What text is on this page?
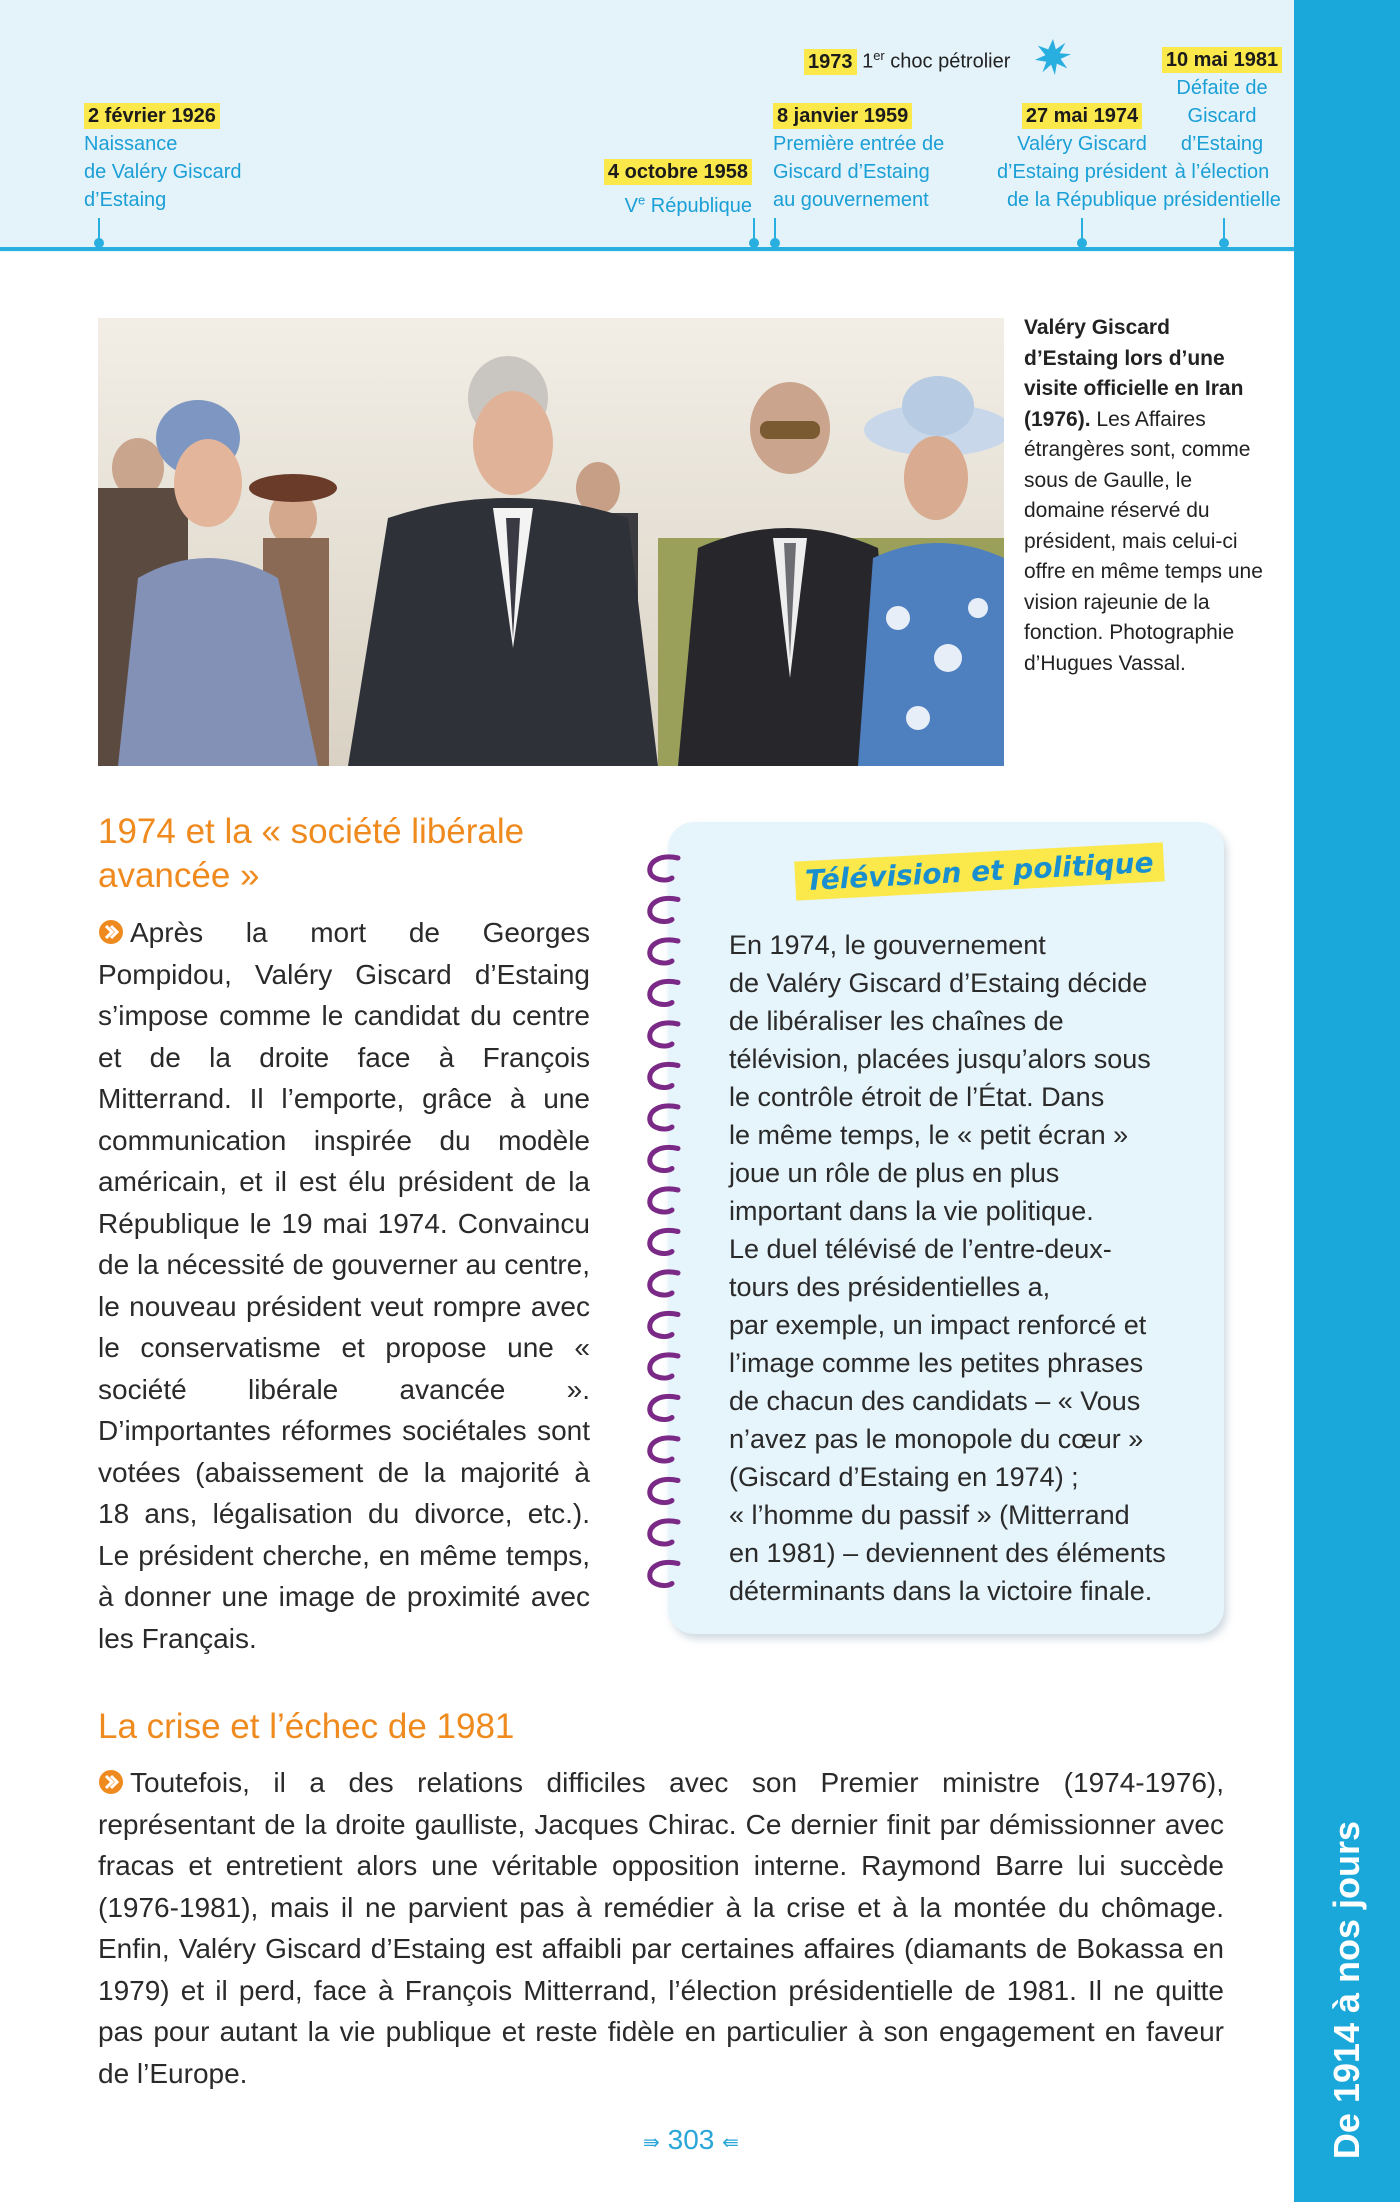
2 février 1926
Naissance
de Valéry Giscard
d’Estaing
4 octobre 1958
Ve République
8 janvier 1959
Première entrée de
Giscard d’Estaing
au gouvernement
1973 1er choc pétrolier
27 mai 1974
Valéry Giscard
d’Estaing président
de la République
10 mai 1981
Défaite de
Giscard
d’Estaing
à l’élection
présidentielle
De 1914 à nos jours
Valéry Giscard d’Estaing lors d’une visite officielle en Iran (1976). Les Affaires étrangères sont, comme sous de Gaulle, le domaine réservé du président, mais celui-ci offre en même temps une vision rajeunie de la fonction. Photographie d’Hugues Vassal.
1974 et la « société libérale
avancée »

Après la mort de Georges Pompidou, Valéry Giscard d’Estaing s’impose comme le candidat du centre et de la droite face à François Mitterrand. Il l’emporte, grâce à une communication inspirée du modèle américain, et il est élu président de la République le 19 mai 1974. Convaincu de la nécessité de gouverner au centre, le nouveau président veut rompre avec le conservatisme et propose une « société libérale avancée ». D’importantes réformes sociétales sont votées (abaissement de la majorité à 18 ans, légalisation du divorce, etc.). Le président cherche, en même temps, à donner une image de proximité avec les Français.

Télévision et politique

En 1974, le gouvernement
de Valéry Giscard d’Estaing décide
de libéraliser les chaînes de
télévision, placées jusqu’alors sous
le contrôle étroit de l’État. Dans
le même temps, le « petit écran »
joue un rôle de plus en plus
important dans la vie politique.
Le duel télévisé de l’entre-deux-
tours des présidentielles a,
par exemple, un impact renforcé et
l’image comme les petites phrases
de chacun des candidats – « Vous
n’avez pas le monopole du cœur »
(Giscard d’Estaing en 1974) ;
« l’homme du passif » (Mitterrand
en 1981) – deviennent des éléments
déterminants dans la victoire finale.

La crise et l’échec de 1981

Toutefois, il a des relations difficiles avec son Premier ministre (1974-1976), représentant de la droite gaulliste, Jacques Chirac. Ce dernier finit par démissionner avec fracas et entretient alors une véritable opposition interne. Raymond Barre lui succède (1976-1981), mais il ne parvient pas à remédier à la crise et à la montée du chômage. Enfin, Valéry Giscard d’Estaing est affaibli par certaines affaires (diamants de Bokassa en 1979) et il perd, face à François Mitterrand, l’élection présidentielle de 1981. Il ne quitte pas pour autant la vie publique et reste fidèle en particulier à son engagement en faveur de l’Europe.

⇛ 303 ⇚
